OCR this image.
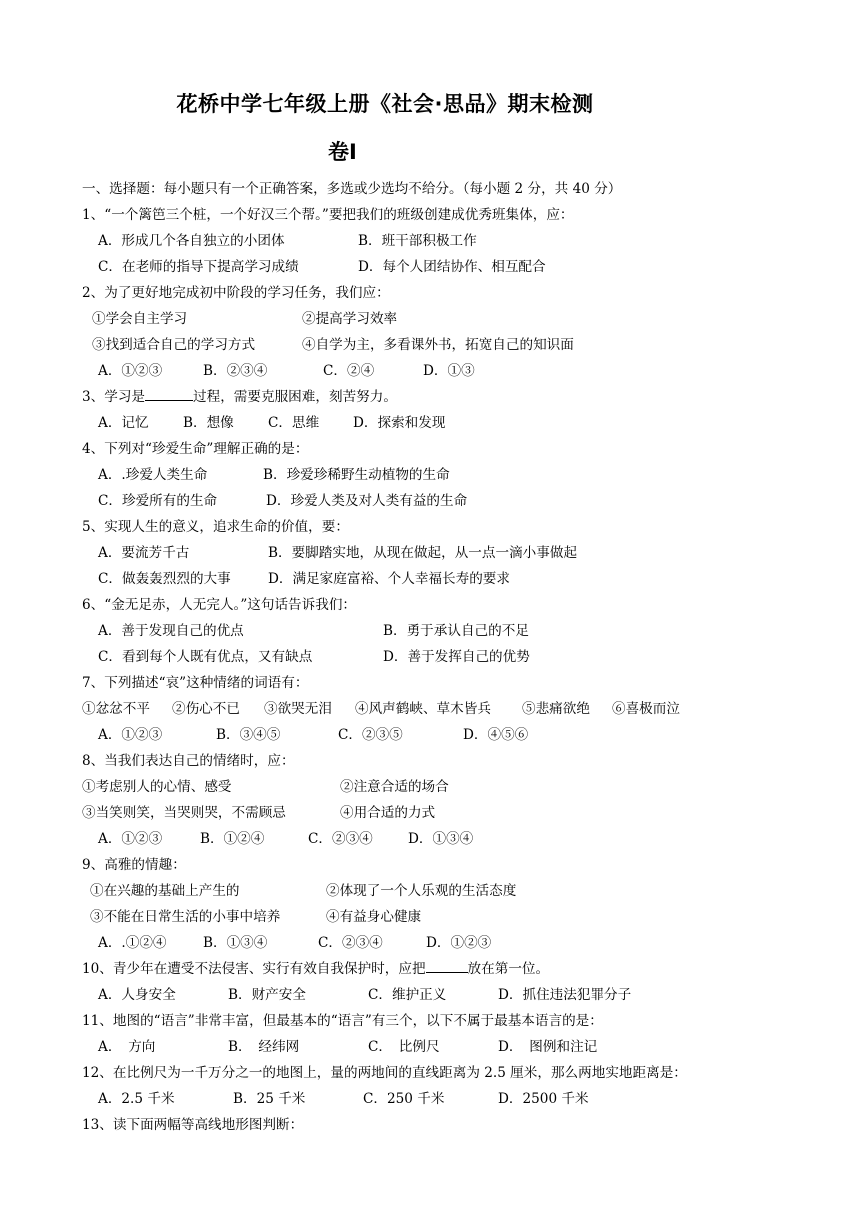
花桥中学七年级上册《社会·思品》期末检测
卷Ⅰ
一、选择题：每小题只有一个正确答案，多选或少选均不给分。（每小题 2 分，共 40 分）
1、“一个篱笆三个桩，一个好汉三个帮。”要把我们的班级创建成优秀班集体，应：
A．形成几个各自独立的小团体	B．班干部积极工作
C．在老师的指导下提高学习成绩	D．每个人团结协作、相互配合
2、为了更好地完成初中阶段的学习任务，我们应：
①学会自主学习	②提高学习效率
③找到适合自己的学习方式	④自学为主，多看课外书，拓宽自己的知识面
A．①②③	B．②③④	C．②④	D．①③
3、学习是	过程，需要克服困难，刻苦努力。
A．记忆	B．想像	C．思维 D．探索和发现
4、下列对“珍爱生命”理解正确的是：
A．.珍爱人类生命	B．珍爱珍稀野生动植物的生命
C．珍爱所有的生命	D．珍爱人类及对人类有益的生命
5、实现人生的意义，追求生命的价值，要：
A．要流芳千古	B．要脚踏实地，从现在做起，从一点一滴小事做起
C．做轰轰烈烈的大事	D．满足家庭富裕、个人幸福长寿的要求
6、“金无足赤，人无完人。”这句话告诉我们：
A．善于发现自己的优点	B．勇于承认自己的不足
C．看到每个人既有优点，又有缺点	D．善于发挥自己的优势
7、下列描述“哀”这种情绪的词语有：
①忿忿不平 ②伤心不已 ③欲哭无泪 ④风声鹤峡、草木皆兵 ⑤悲痛欲绝 ⑥喜极而泣
A．①②③	B．③④⑤	C．②③⑤	D．④⑤⑥
8、当我们表达自己的情绪时，应：
①考虑别人的心情、感受	②注意合适的场合
③当笑则笑，当哭则哭，不需顾忌	④用合适的力式
A．①②③	B．①②④	C．②③④	D．①③④
9、高雅的情趣：
①在兴趣的基础上产生的	②体现了一个人乐观的生活态度
③不能在日常生活的小事中培养	④有益身心健康
A．.①②④	B．①③④	C．②③④	D．①②③
10、青少年在遭受不法侵害、实行有效自我保护时，应把	放在第一位。
A．人身安全	B．财产安全	C．维护正义	D．抓住违法犯罪分子
11、地图的“语言”非常丰富，但最基本的“语言”有三个，以下不属于最基本语言的是：
A．　方向	B．　经纬网	C．　比例尺	D．　图例和注记
12、在比例尺为一千万分之一的地图上，量的两地间的直线距离为 2.5 厘米，那么两地实地距离是：
A．2.5 千米	B．25 千米	C．250 千米	D．2500 千米
13、读下面两幅等高线地形图判断：
